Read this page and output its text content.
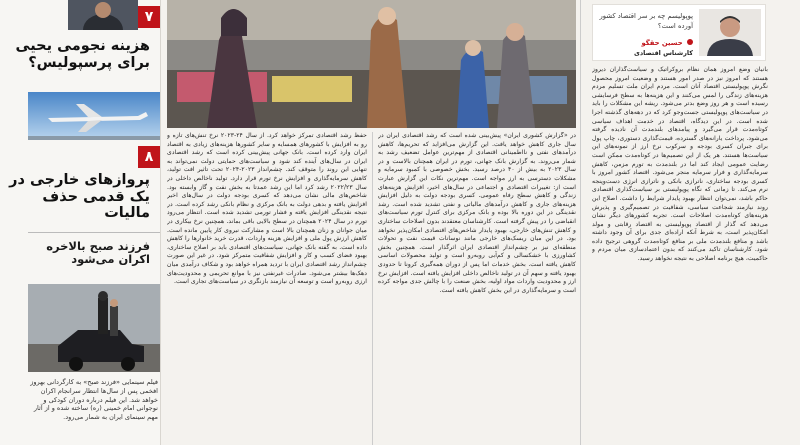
۷
هزینه نجومی یحیی برای پرسپولیس؟
۸
پروازهای خارجی در یک قدمی حذف مالیات
فرزند صبح بالاخره اکران می‌شود
فیلم سینمایی «فرزند صبح» به کارگردانی بهروز افخمی پس از سال‌ها انتظار سرانجام اکران خواهد شد. این فیلم درباره دوران کودکی و نوجوانی امام خمینی (ره) ساخته شده و از آثار مهم سینمای ایران به شمار می‌رود.

حفظ رشد اقتصادی تمرکز خواهد کرد. از سال ۲۴-۲۰۲۳ نرخ تنش‌های تازه و رو به افزایش با کشورهای همسایه و سایر کشورها هزینه‌های زیادی به اقتصاد ایران وارد کرده است. بانک جهانی پیش‌بینی کرده است که رشد اقتصادی ایران در سال‌های آینده کند شود و سیاست‌های حمایتی دولت نمی‌تواند به تنهایی این روند را متوقف کند. چشم‌انداز ۲۰۲۳-۲۰۲۴ تحت تاثیر افت تولید، کاهش سرمایه‌گذاری و افزایش نرخ تورم قرار دارد. تولید ناخالص داخلی در سال ۲۰۲۲/۲۳ رشد کرد اما این رشد عمدتا به بخش نفت و گاز وابسته بود. شاخص‌های مالی نشان می‌دهد که کسری بودجه دولت در سال‌های اخیر افزایش یافته و بدهی دولت به بانک مرکزی و نظام بانکی رشد کرده است. در نتیجه نقدینگی افزایش یافته و فشار تورمی تشدید شده است. انتظار می‌رود تورم در سال ۲۰۲۴ همچنان در سطح بالایی باقی بماند. همچنین نرخ بیکاری در میان جوانان و زنان همچنان بالا است و مشارکت نیروی کار پایین مانده است. کاهش ارزش پول ملی و افزایش هزینه واردات، قدرت خرید خانوارها را کاهش داده است. به گفته بانک جهانی، سیاست‌های اقتصادی باید بر اصلاح ساختاری، بهبود فضای کسب و کار و افزایش شفافیت متمرکز شود. در غیر این صورت چشم‌انداز رشد اقتصادی ایران با تردید همراه خواهد بود و شکاف درآمدی میان دهک‌ها بیشتر می‌شود. صادرات غیرنفتی نیز با موانع تحریمی و محدودیت‌های ارزی روبه‌رو است و توسعه آن نیازمند بازنگری در سیاست‌های تجاری است.

در «گزارش کشوری ایران» پیش‌بینی شده است که رشد اقتصادی ایران در سال جاری کاهش خواهد یافت. این گزارش می‌افزاید که تحریم‌ها، کاهش درآمدهای نفتی و نااطمینانی اقتصادی از مهم‌ترین عوامل تضعیف رشد به شمار می‌روند. به گزارش بانک جهانی، تورم در ایران همچنان بالاست و در سال ۲۰۲۳ به بیش از ۴۰ درصد رسید. بخش خصوصی با کمبود سرمایه و مشکلات دسترسی به ارز مواجه است. مهم‌ترین نکات این گزارش عبارت است از: تغییرات اقتصادی و اجتماعی در سال‌های اخیر، افزایش هزینه‌های زندگی و کاهش سطح رفاه عمومی. کسری بودجه دولت به دلیل افزایش هزینه‌های جاری و کاهش درآمدهای مالیاتی و نفتی تشدید شده است. رشد نقدینگی در این دوره بالا بوده و بانک مرکزی برای کنترل تورم سیاست‌های انقباضی را در پیش گرفته است. کارشناسان معتقدند بدون اصلاحات ساختاری و کاهش تنش‌های خارجی، بهبود پایدار شاخص‌های اقتصادی امکان‌پذیر نخواهد بود. در این میان ریسک‌های خارجی مانند نوسانات قیمت نفت و تحولات منطقه‌ای نیز بر چشم‌انداز اقتصادی ایران اثرگذار است. همچنین بخش کشاورزی با خشکسالی و کم‌آبی روبه‌رو است و تولید محصولات اساسی کاهش یافته است. بخش خدمات اما پس از دوران همه‌گیری کرونا تا حدودی بهبود یافته و سهم آن در تولید ناخالص داخلی افزایش یافته است. افزایش نرخ ارز و محدودیت واردات مواد اولیه، بخش صنعت را با چالش جدی مواجه کرده است و سرمایه‌گذاری در این بخش کاهش یافته است.

پوپولیسم چه بر سر اقتصاد کشور آورده است؟
حسین حقگو
کارشناس اقتصادی

بانیان وضع امروز همان نظام بروکراتیک و سیاست‌گذاران دیروز هستند که امروز نیز در صدر امور هستند و وضعیت امروز محصول نگرش پوپولیستی اقتصاد آنان است. مردم ایران ملت تسلیم مردم هزینه‌های زندگی را لمس می‌کنند و این هزینه‌ها به سطح فرسایشی رسیده است و هر روز وضع بدتر می‌شود. ریشه این مشکلات را باید در سیاست‌های پوپولیستی جست‌وجو کرد که در دهه‌های گذشته اجرا شده است. در این دیدگاه، اقتصاد در خدمت اهداف سیاسی کوتاه‌مدت قرار می‌گیرد و پیامدهای بلندمدت آن نادیده گرفته می‌شود. پرداخت یارانه‌های گسترده، قیمت‌گذاری دستوری، چاپ پول برای جبران کسری بودجه و سرکوب نرخ ارز از نمونه‌های این سیاست‌ها هستند. هر یک از این تصمیم‌ها در کوتاه‌مدت ممکن است رضایت عمومی ایجاد کند اما در بلندمدت به تورم مزمن، کاهش سرمایه‌گذاری و فرار سرمایه منجر می‌شود. اقتصاد کشور امروز با کسری بودجه ساختاری، ناترازی بانکی و ناترازی انرژی دست‌وپنجه نرم می‌کند. تا زمانی که نگاه پوپولیستی بر سیاست‌گذاری اقتصادی حاکم باشد، نمی‌توان انتظار بهبود پایدار شرایط را داشت. اصلاح این روند نیازمند شجاعت سیاسی، شفافیت در تصمیم‌گیری و پذیرش هزینه‌های کوتاه‌مدت اصلاحات است. تجربه کشورهای دیگر نشان می‌دهد که گذار از اقتصاد پوپولیستی به اقتصاد رقابتی و مولد امکان‌پذیر است، به شرط آنکه اراده‌ای جدی برای آن وجود داشته باشد و منافع بلندمدت ملی بر منافع کوتاه‌مدت گروهی ترجیح داده شود. کارشناسان تاکید می‌کنند که بدون اعتمادسازی میان مردم و حاکمیت، هیچ برنامه اصلاحی به نتیجه نخواهد رسید.
